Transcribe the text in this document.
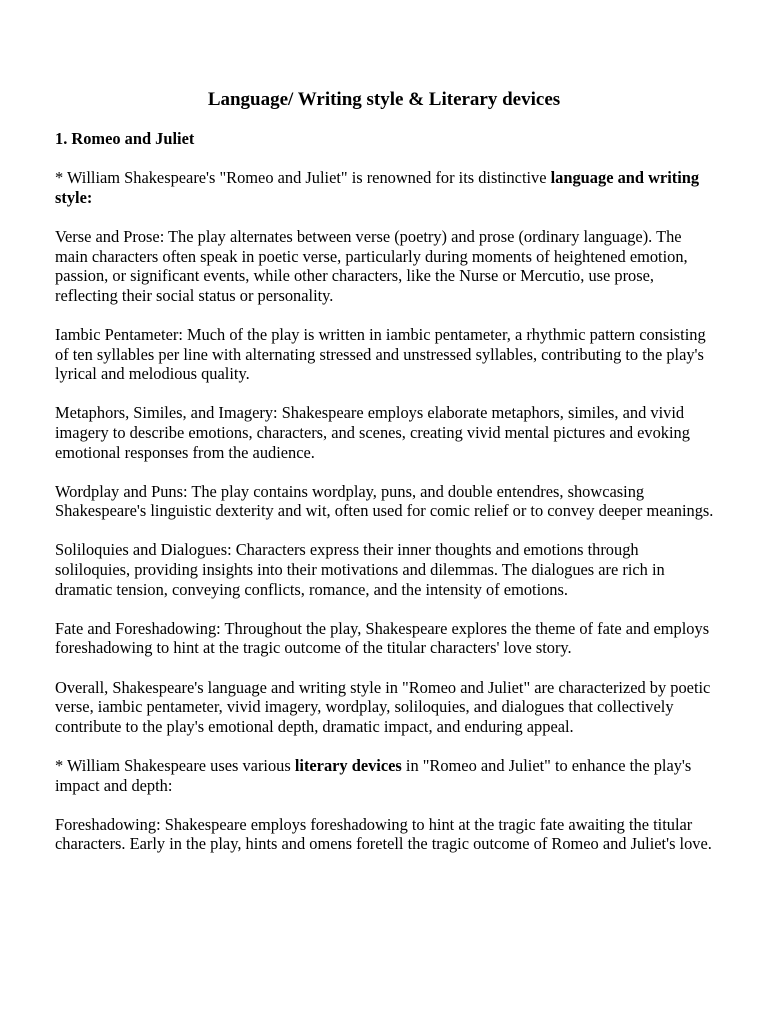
Language/ Writing style & Literary devices
1. Romeo and Juliet

* William Shakespeare's "Romeo and Juliet" is renowned for its distinctive language and writing style:

Verse and Prose: The play alternates between verse (poetry) and prose (ordinary language). The main characters often speak in poetic verse, particularly during moments of heightened emotion, passion, or significant events, while other characters, like the Nurse or Mercutio, use prose, reflecting their social status or personality.

Iambic Pentameter: Much of the play is written in iambic pentameter, a rhythmic pattern consisting of ten syllables per line with alternating stressed and unstressed syllables, contributing to the play's lyrical and melodious quality.

Metaphors, Similes, and Imagery: Shakespeare employs elaborate metaphors, similes, and vivid imagery to describe emotions, characters, and scenes, creating vivid mental pictures and evoking emotional responses from the audience.

Wordplay and Puns: The play contains wordplay, puns, and double entendres, showcasing Shakespeare's linguistic dexterity and wit, often used for comic relief or to convey deeper meanings.

Soliloquies and Dialogues: Characters express their inner thoughts and emotions through soliloquies, providing insights into their motivations and dilemmas. The dialogues are rich in dramatic tension, conveying conflicts, romance, and the intensity of emotions.

Fate and Foreshadowing: Throughout the play, Shakespeare explores the theme of fate and employs foreshadowing to hint at the tragic outcome of the titular characters' love story.

Overall, Shakespeare's language and writing style in "Romeo and Juliet" are characterized by poetic verse, iambic pentameter, vivid imagery, wordplay, soliloquies, and dialogues that collectively contribute to the play's emotional depth, dramatic impact, and enduring appeal.

* William Shakespeare uses various literary devices in "Romeo and Juliet" to enhance the play's impact and depth:

Foreshadowing: Shakespeare employs foreshadowing to hint at the tragic fate awaiting the titular characters. Early in the play, hints and omens foretell the tragic outcome of Romeo and Juliet's love.
